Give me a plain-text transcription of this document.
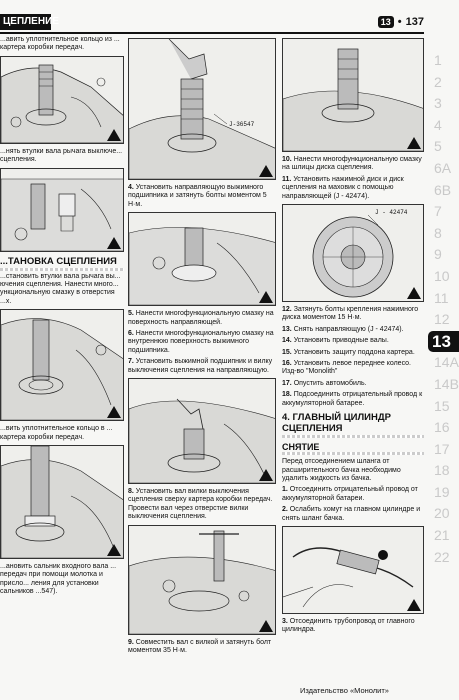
ЦЕПЛЕНИЕ	13 • 137

...авить уплотнительное кольцо из ... картера коробки передач.

...нять втулки вала рычага выключе... сцепления.

...ТАНОВКА СЦЕПЛЕНИЯ

...становить втулки вала рычага вы... ючения сцепления. Нанести много... ункциональную смазку в отверстия ...х.

...вить уплотнительное кольцо в ... картера коробки передач.

...ановить сальник входного вала ... передач при помощи молотка и присло... ления для установки сальников ...547).

J-36547

4. Установить направляющую выжимного подшипника и затянуть болты моментом 5 Н·м.

5. Нанести многофункциональную смазку на поверхность направляющей.

6. Нанести многофункциональную смазку на внутреннюю поверхность выжимного подшипника.

7. Установить выжимной подшипник и вилку выключения сцепления на направляющую.

8. Установить вал вилки выключения сцепления сверху картера коробки передач. Провести вал через отверстие вилки выключения сцепления.

9. Совместить вал с вилкой и затянуть болт моментом 35 Н·м.

10. Нанести многофункциональную смазку на шлицы диска сцепления.

11. Установить нажимной диск и диск сцепления на маховик с помощью направляющей (J - 42474).

J - 42474

12. Затянуть болты крепления нажимного диска моментом 15 Н·м.

13. Снять направляющую (J - 42474).

14. Установить приводные валы.

15. Установить защиту поддона картера.

16. Установить левое переднее колесо. Изд-во "Monolith"

17. Опустить автомобиль.

18. Подсоединить отрицательный провод к аккумуляторной батарее.

4. ГЛАВНЫЙ ЦИЛИНДР СЦЕПЛЕНИЯ
СНЯТИЕ

Перед отсоединением шланга от расширительного бачка необходимо удалить жидкость из бачка.

1. Отсоединить отрицательный провод от аккумуляторной батареи.

2. Ослабить хомут на главном цилиндре и снять шланг бачка.

3. Отсоединить трубопровод от главного цилиндра.

1
2
3
4
5
6А
6В
7
8
9
10
11
12
13
14А
14В
15
16
17
18
19
20
21
22
Издательство «Монолит»
